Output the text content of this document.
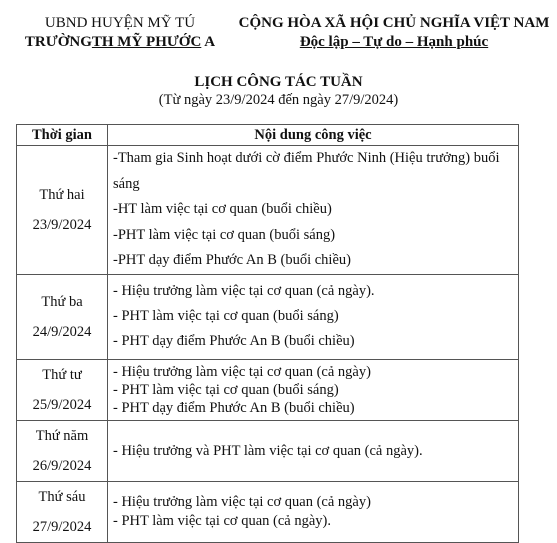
UBND HUYỆN MỸ TÚ
TRƯỜNGTH MỸ PHƯỚC A
CỘNG HÒA XÃ HỘI CHỦ NGHĨA VIỆT NAM
Độc lập – Tự do – Hạnh phúc
LỊCH CÔNG TÁC TUẦN
(Từ ngày 23/9/2024 đến ngày 27/9/2024)
Thời gian	Nội dung công việc

Thứ hai
23/9/2024	-Tham gia Sinh hoạt dưới cờ điểm Phước Ninh (Hiệu trưởng) buổi sáng
-HT làm việc tại cơ quan (buổi chiều)
-PHT làm việc tại cơ quan (buổi sáng)
-PHT dạy điểm Phước An B (buổi chiều)

Thứ ba
24/9/2024	- Hiệu trưởng làm việc tại cơ quan (cả ngày).
- PHT làm việc tại cơ quan (buổi sáng)
- PHT dạy điểm Phước An B (buổi chiều)

Thứ tư
25/9/2024	- Hiệu trưởng làm việc tại cơ quan (cả ngày)
- PHT làm việc tại cơ quan (buổi sáng)
- PHT dạy điểm Phước An B (buổi chiều)

Thứ năm
26/9/2024	- Hiệu trưởng và PHT làm việc tại cơ quan (cả ngày).

Thứ sáu
27/9/2024	- Hiệu trưởng làm việc tại cơ quan (cả ngày)
- PHT làm việc tại cơ quan (cả ngày).
